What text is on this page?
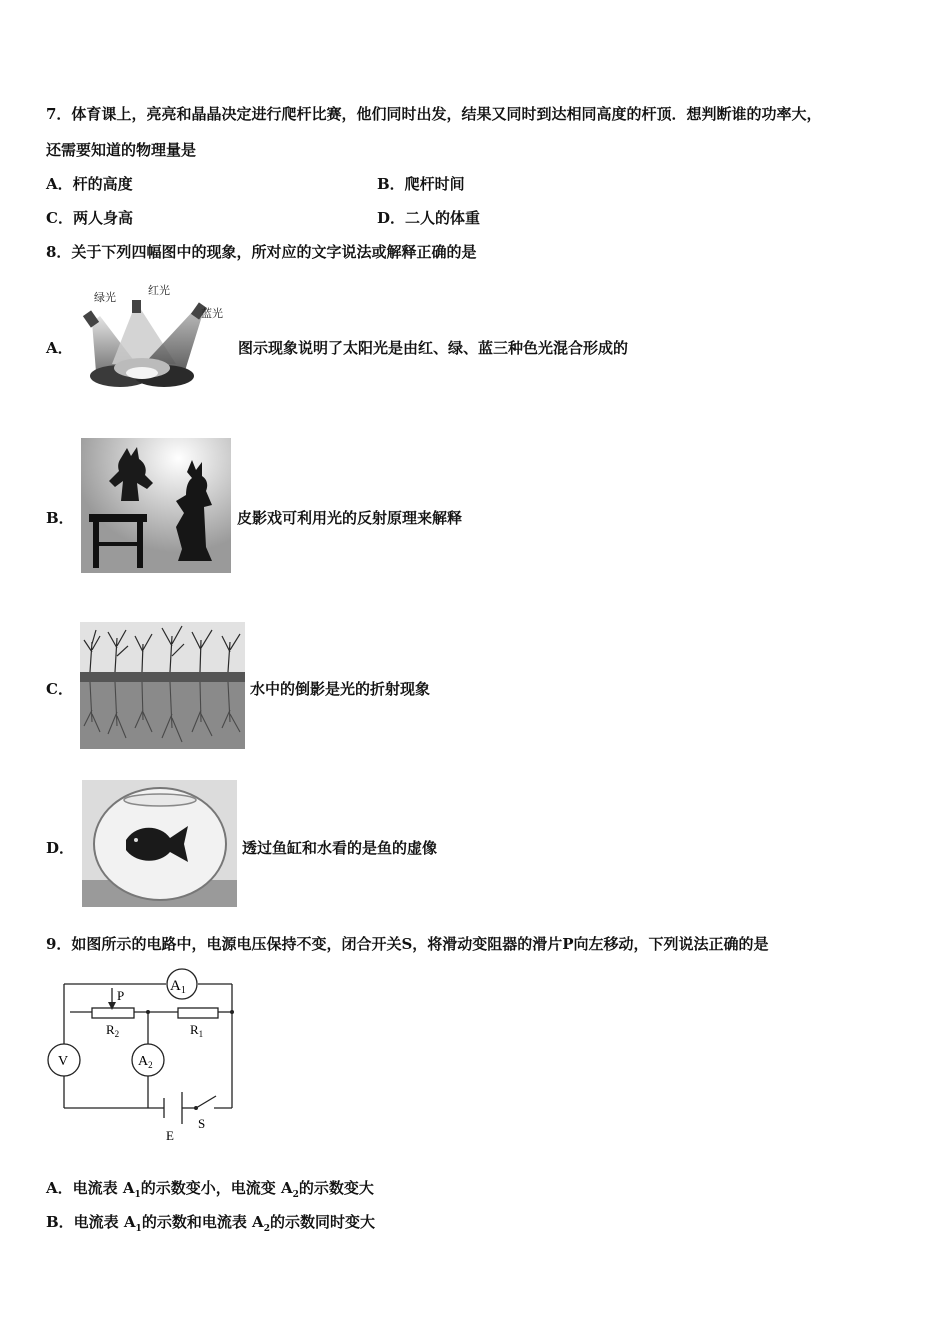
7．体育课上，亮亮和晶晶决定进行爬杆比赛，他们同时出发，结果又同时到达相同高度的杆顶．想判断谁的功率大，
还需要知道的物理量是
A．杆的高度	B．爬杆时间
C．两人身高	D．二人的体重
8．关于下列四幅图中的现象，所对应的文字说法或解释正确的是
A．
绿光
红光
蓝光
图示现象说明了太阳光是由红、绿、蓝三种色光混合形成的
B．	皮影戏可利用光的反射原理来解释
C．	水中的倒影是光的折射现象
D．	透过鱼缸和水看的是鱼的虚像
9．如图所示的电路中，电源电压保持不变，闭合开关S，将滑动变阻器的滑片P向左移动，下列说法正确的是
$A_1$
P
$R_2$	$R_1$
V	$A_2$
E
S
A．电流表 $A_1$的示数变小，电流变 $A_2$的示数变大
B．电流表 $A_1$的示数和电流表 $A_2$的示数同时变大
